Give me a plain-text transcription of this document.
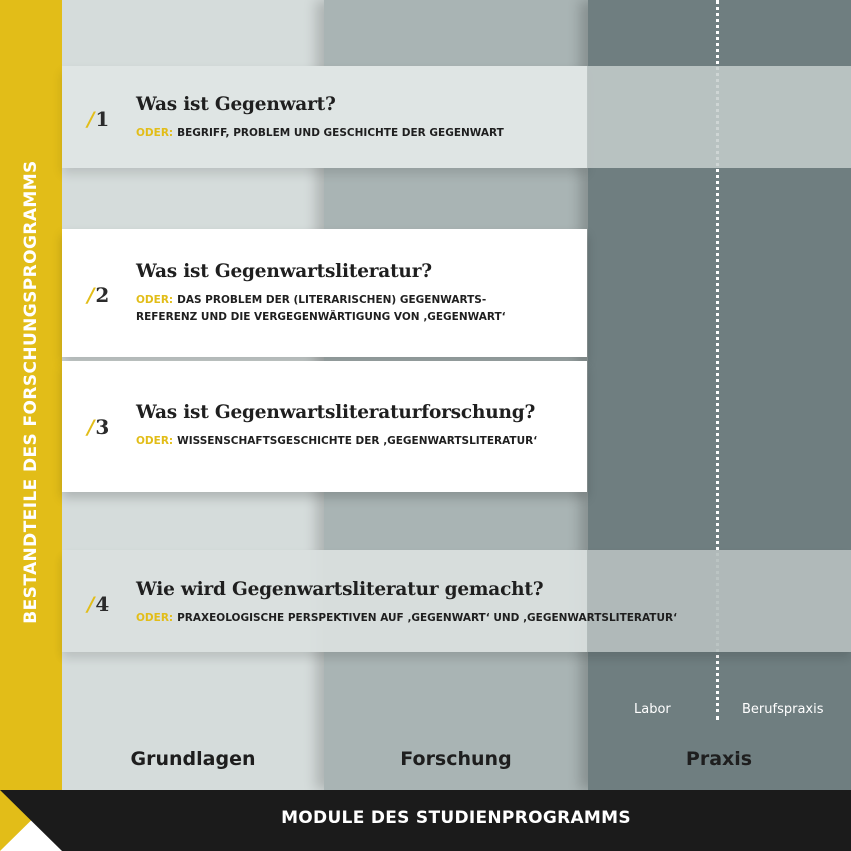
BESTANDTEILE DES FORSCHUNGSPROGRAMMS
/1
Was ist Gegenwart?
ODER: BEGRIFF, PROBLEM UND GESCHICHTE DER GEGENWART
/2
Was ist Gegenwartsliteratur?
ODER: DAS PROBLEM DER (LITERARISCHEN) GEGENWARTS-
REFERENZ UND DIE VERGEGENWÄRTIGUNG VON ‚GEGENWART‘
/3
Was ist Gegenwartsliteraturforschung?
ODER: WISSENSCHAFTSGESCHICHTE DER ‚GEGENWARTSLITERATUR‘
/4
Wie wird Gegenwartsliteratur gemacht?
ODER: PRAXEOLOGISCHE PERSPEKTIVEN AUF ‚GEGENWART‘ UND ‚GEGENWARTSLITERATUR‘
Labor	Berufspraxis
Grundlagen	Forschung	Praxis
MODULE DES STUDIENPROGRAMMS
